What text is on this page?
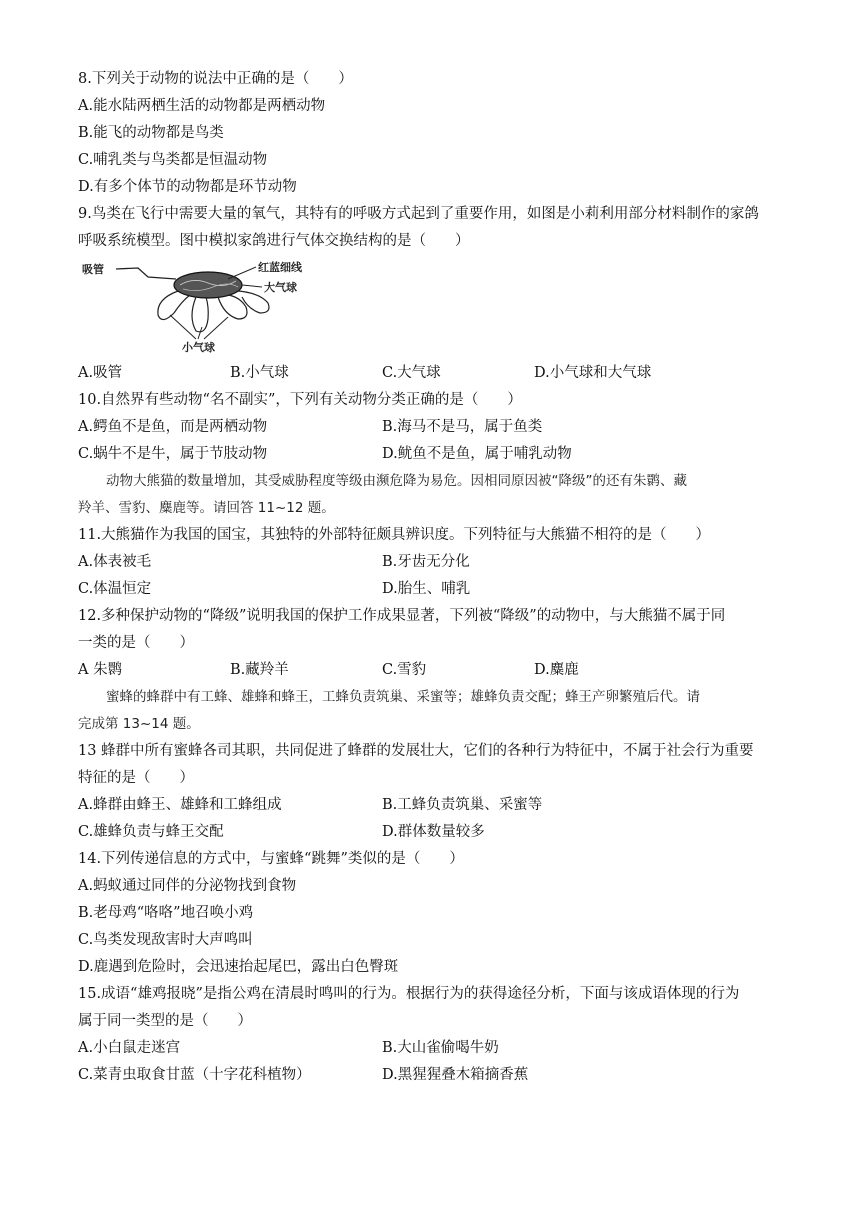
8.下列关于动物的说法中正确的是（　　）
A.能水陆两栖生活的动物都是两栖动物
B.能飞的动物都是鸟类
C.哺乳类与鸟类都是恒温动物
D.有多个体节的动物都是环节动物
9.鸟类在飞行中需要大量的氧气，其特有的呼吸方式起到了重要作用，如图是小莉利用部分材料制作的家鸽
呼吸系统模型。图中模拟家鸽进行气体交换结构的是（　　）
吸管	红蓝细线
大气球
小气球
A.吸管	B.小气球	C.大气球	D.小气球和大气球
10.自然界有些动物“名不副实”，下列有关动物分类正确的是（　　）
A.鳄鱼不是鱼，而是两栖动物	B.海马不是马，属于鱼类
C.蜗牛不是牛，属于节肢动物	D.鱿鱼不是鱼，属于哺乳动物
动物大熊猫的数量增加，其受威胁程度等级由濒危降为易危。因相同原因被“降级”的还有朱鹮、藏
羚羊、雪豹、麋鹿等。请回答 11~12 题。
11.大熊猫作为我国的国宝，其独特的外部特征颇具辨识度。下列特征与大熊猫不相符的是（　　）
A.体表被毛	B.牙齿无分化
C.体温恒定	D.胎生、哺乳
12.多种保护动物的“降级”说明我国的保护工作成果显著，下列被“降级”的动物中，与大熊猫不属于同
一类的是（　　）
A 朱鹮	B.藏羚羊	C.雪豹	D.麋鹿
蜜蜂的蜂群中有工蜂、雄蜂和蜂王，工蜂负责筑巢、采蜜等；雄蜂负责交配；蜂王产卵繁殖后代。请
完成第 13~14 题。
13 蜂群中所有蜜蜂各司其职，共同促进了蜂群的发展壮大，它们的各种行为特征中，不属于社会行为重要
特征的是（　　）
A.蜂群由蜂王、雄蜂和工蜂组成	B.工蜂负责筑巢、采蜜等
C.雄蜂负责与蜂王交配	D.群体数量较多
14.下列传递信息的方式中，与蜜蜂“跳舞”类似的是（　　）
A.蚂蚁通过同伴的分泌物找到食物
B.老母鸡“咯咯”地召唤小鸡
C.鸟类发现敌害时大声鸣叫
D.鹿遇到危险时，会迅速抬起尾巴，露出白色臀斑
15.成语“雄鸡报晓”是指公鸡在清晨时鸣叫的行为。根据行为的获得途径分析，下面与该成语体现的行为
属于同一类型的是（　　）
A.小白鼠走迷宫	B.大山雀偷喝牛奶
C.菜青虫取食甘蓝（十字花科植物）	D.黑猩猩叠木箱摘香蕉
